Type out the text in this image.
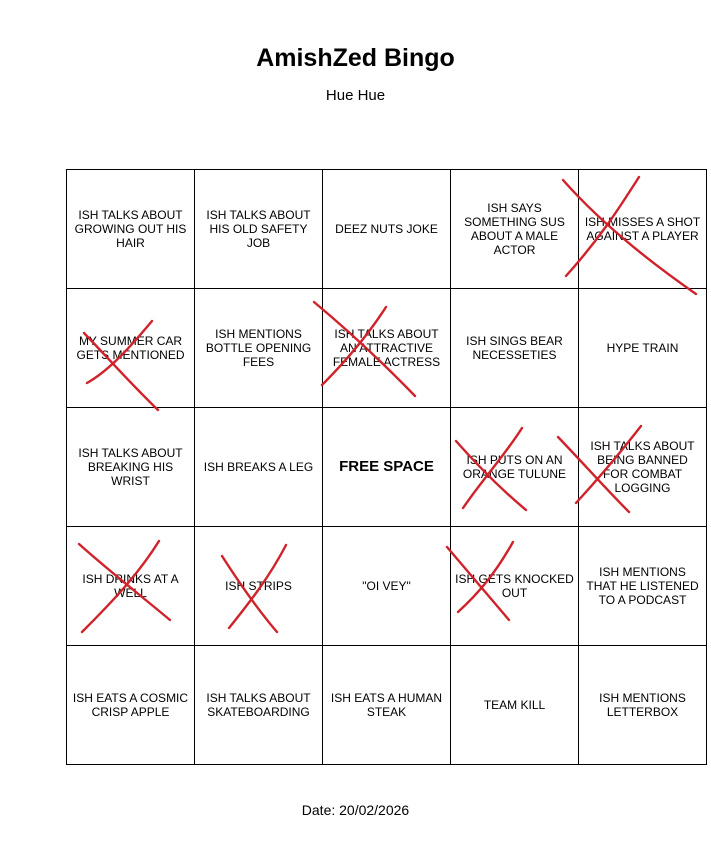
AmishZed Bingo
Hue Hue
ISH TALKS ABOUT GROWING OUT HIS HAIR	ISH TALKS ABOUT HIS OLD SAFETY JOB	DEEZ NUTS JOKE	ISH SAYS SOMETHING SUS ABOUT A MALE ACTOR	ISH MISSES A SHOT AGAINST A PLAYER
MY SUMMER CAR GETS MENTIONED	ISH MENTIONS BOTTLE OPENING FEES	ISH TALKS ABOUT AN ATTRACTIVE FEMALE ACTRESS	ISH SINGS BEAR NECESSETIES	HYPE TRAIN
ISH TALKS ABOUT BREAKING HIS WRIST	ISH BREAKS A LEG	FREE SPACE	ISH PUTS ON AN ORANGE TULUNE	ISH TALKS ABOUT BEING BANNED FOR COMBAT LOGGING
ISH DRINKS AT A WELL	ISH STRIPS	"OI VEY"	ISH GETS KNOCKED OUT	ISH MENTIONS THAT HE LISTENED TO A PODCAST
ISH EATS A COSMIC CRISP APPLE	ISH TALKS ABOUT SKATEBOARDING	ISH EATS A HUMAN STEAK	TEAM KILL	ISH MENTIONS LETTERBOX
Date: 20/02/2026
